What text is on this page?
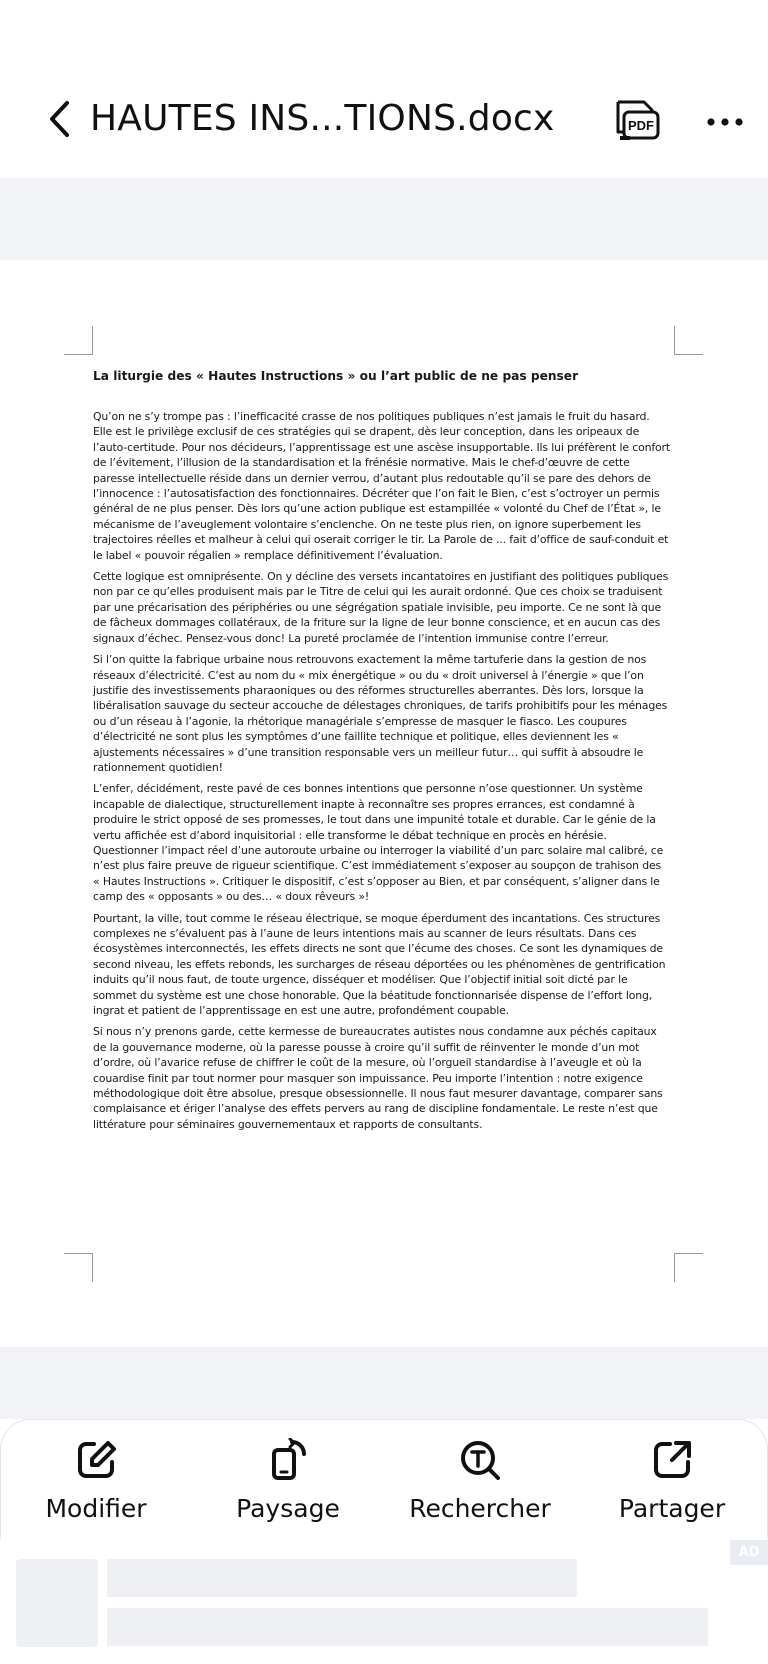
HAUTES INS...TIONS.docx	PDF
La liturgie des « Hautes Instructions » ou l’art public de ne pas penser

Qu’on ne s’y trompe pas : l’inefficacité crasse de nos politiques publiques n’est jamais le fruit du hasard. Elle est le privilège exclusif de ces stratégies qui se drapent, dès leur conception, dans les oripeaux de l’auto-certitude. Pour nos décideurs, l’apprentissage est une ascèse insupportable. Ils lui préfèrent le confort de l’évitement, l’illusion de la standardisation et la frénésie normative. Mais le chef-d’œuvre de cette paresse intellectuelle réside dans un dernier verrou, d’autant plus redoutable qu’il se pare des dehors de l’innocence : l’autosatisfaction des fonctionnaires. Décréter que l’on fait le Bien, c’est s’octroyer un permis général de ne plus penser. Dès lors qu’une action publique est estampillée « volonté du Chef de l’État », le mécanisme de l’aveuglement volontaire s’enclenche. On ne teste plus rien, on ignore superbement les trajectoires réelles et malheur à celui qui oserait corriger le tir. La Parole de ... fait d’office de sauf-conduit et le label « pouvoir régalien » remplace définitivement l’évaluation.

Cette logique est omniprésente. On y décline des versets incantatoires en justifiant des politiques publiques non par ce qu’elles produisent mais par le Titre de celui qui les aurait ordonné. Que ces choix se traduisent par une précarisation des périphéries ou une ségrégation spatiale invisible, peu importe. Ce ne sont là que de fâcheux dommages collatéraux, de la friture sur la ligne de leur bonne conscience, et en aucun cas des signaux d’échec. Pensez-vous donc! La pureté proclamée de l’intention immunise contre l’erreur.

Si l’on quitte la fabrique urbaine nous retrouvons exactement la même tartuferie dans la gestion de nos réseaux d’électricité. C’est au nom du « mix énergétique » ou du « droit universel à l’énergie » que l’on justifie des investissements pharaoniques ou des réformes structurelles aberrantes. Dès lors, lorsque la libéralisation sauvage du secteur accouche de délestages chroniques, de tarifs prohibitifs pour les ménages ou d’un réseau à l’agonie, la rhétorique managériale s’empresse de masquer le fiasco. Les coupures d’électricité ne sont plus les symptômes d’une faillite technique et politique, elles deviennent les « ajustements nécessaires » d’une transition responsable vers un meilleur futur… qui suffit à absoudre le rationnement quotidien!

L’enfer, décidément, reste pavé de ces bonnes intentions que personne n’ose questionner. Un système incapable de dialectique, structurellement inapte à reconnaître ses propres errances, est condamné à produire le strict opposé de ses promesses, le tout dans une impunité totale et durable. Car le génie de la vertu affichée est d’abord inquisitorial : elle transforme le débat technique en procès en hérésie. Questionner l’impact réel d’une autoroute urbaine ou interroger la viabilité d’un parc solaire mal calibré, ce n’est plus faire preuve de rigueur scientifique. C’est immédiatement s’exposer au soupçon de trahison des « Hautes Instructions ». Critiquer le dispositif, c’est s’opposer au Bien, et par conséquent, s’aligner dans le camp des « opposants » ou des… « doux rêveurs »!

Pourtant, la ville, tout comme le réseau électrique, se moque éperdument des incantations. Ces structures complexes ne s’évaluent pas à l’aune de leurs intentions mais au scanner de leurs résultats. Dans ces écosystèmes interconnectés, les effets directs ne sont que l’écume des choses. Ce sont les dynamiques de second niveau, les effets rebonds, les surcharges de réseau déportées ou les phénomènes de gentrification induits qu’il nous faut, de toute urgence, disséquer et modéliser. Que l’objectif initial soit dicté par le sommet du système est une chose honorable. Que la béatitude fonctionnarisée dispense de l’effort long, ingrat et patient de l’apprentissage en est une autre, profondément coupable.

Si nous n’y prenons garde, cette kermesse de bureaucrates autistes nous condamne aux péchés capitaux de la gouvernance moderne, où la paresse pousse à croire qu’il suffit de réinventer le monde d’un mot d’ordre, où l’avarice refuse de chiffrer le coût de la mesure, où l’orgueil standardise à l’aveugle et où la couardise finit par tout normer pour masquer son impuissance. Peu importe l’intention : notre exigence méthodologique doit être absolue, presque obsessionnelle. Il nous faut mesurer davantage, comparer sans complaisance et ériger l’analyse des effets pervers au rang de discipline fondamentale. Le reste n’est que littérature pour séminaires gouvernementaux et rapports de consultants.

Modifier	Paysage	Rechercher	Partager
AD
